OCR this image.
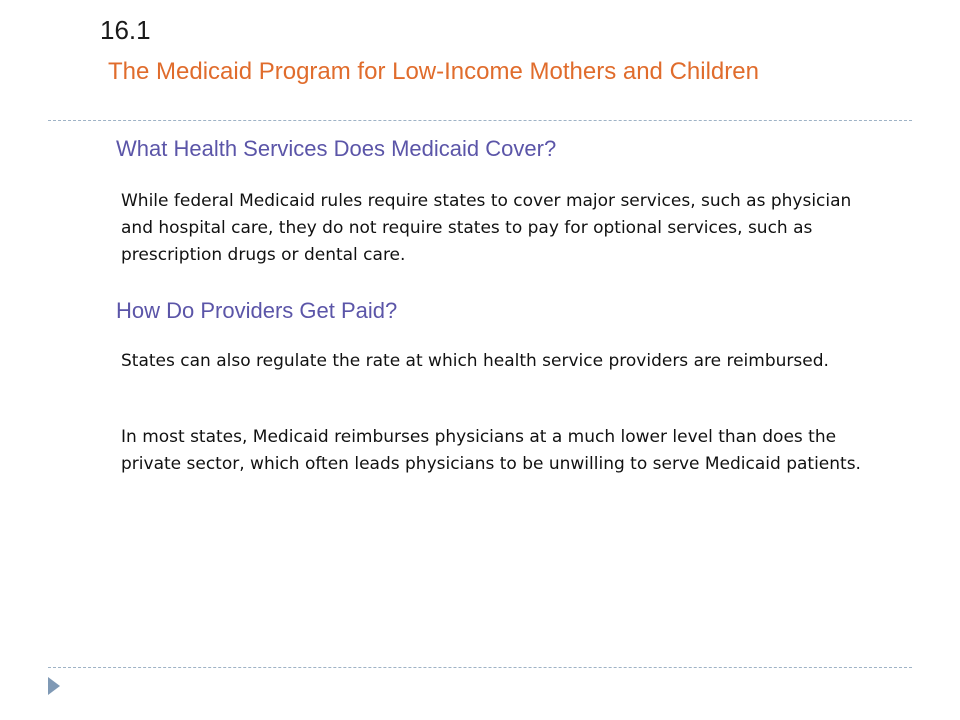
16.1

The Medicaid Program for Low-Income Mothers and Children
What Health Services Does Medicaid Cover?

While federal Medicaid rules require states to cover major services, such as physician and hospital care, they do not require states to pay for optional services, such as prescription drugs or dental care.

How Do Providers Get Paid?

States can also regulate the rate at which health service providers are reimbursed.

In most states, Medicaid reimburses physicians at a much lower level than does the private sector, which often leads physicians to be unwilling to serve Medicaid patients.
